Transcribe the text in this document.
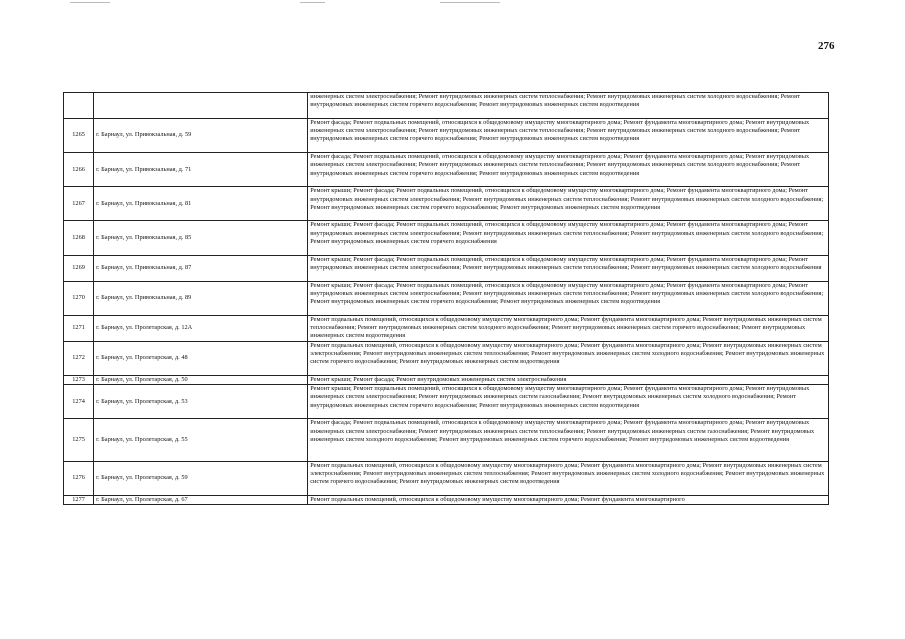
276
		инженерных систем электроснабжения; Ремонт внутридомовых инженерных систем теплоснабжения; Ремонт внутридомовых инженерных систем холодного водоснабжения; Ремонт внутридомовых инженерных систем горячего водоснабжения; Ремонт внутридомовых инженерных систем водоотведения
1265	г. Барнаул, ул. Привокзальная, д. 59	Ремонт фасада; Ремонт подвальных помещений, относящихся к общедомовому имуществу многоквартирного дома; Ремонт фундамента многоквартирного дома; Ремонт внутридомовых инженерных систем электроснабжения; Ремонт внутридомовых инженерных систем теплоснабжения; Ремонт внутридомовых инженерных систем холодного водоснабжения; Ремонт внутридомовых инженерных систем горячего водоснабжения; Ремонт внутридомовых инженерных систем водоотведения
1266	г. Барнаул, ул. Привокзальная, д. 71	Ремонт фасада; Ремонт подвальных помещений, относящихся к общедомовому имуществу многоквартирного дома; Ремонт фундамента многоквартирного дома; Ремонт внутридомовых инженерных систем электроснабжения; Ремонт внутридомовых инженерных систем теплоснабжения; Ремонт внутридомовых инженерных систем холодного водоснабжения; Ремонт внутридомовых инженерных систем горячего водоснабжения; Ремонт внутридомовых инженерных систем водоотведения
1267	г. Барнаул, ул. Привокзальная, д. 81	Ремонт крыши; Ремонт фасада; Ремонт подвальных помещений, относящихся к общедомовому имуществу многоквартирного дома; Ремонт фундамента многоквартирного дома; Ремонт внутридомовых инженерных систем электроснабжения; Ремонт внутридомовых инженерных систем теплоснабжения; Ремонт внутридомовых инженерных систем холодного водоснабжения; Ремонт внутридомовых инженерных систем горячего водоснабжения; Ремонт внутридомовых инженерных систем водоотведения
1268	г. Барнаул, ул. Привокзальная, д. 85	Ремонт крыши; Ремонт фасада; Ремонт подвальных помещений, относящихся к общедомовому имуществу многоквартирного дома; Ремонт фундамента многоквартирного дома; Ремонт внутридомовых инженерных систем электроснабжения; Ремонт внутридомовых инженерных систем теплоснабжения; Ремонт внутридомовых инженерных систем холодного водоснабжения; Ремонт внутридомовых инженерных систем горячего водоснабжения
1269	г. Барнаул, ул. Привокзальная, д. 87	Ремонт крыши; Ремонт фасада; Ремонт подвальных помещений, относящихся к общедомовому имуществу многоквартирного дома; Ремонт фундамента многоквартирного дома; Ремонт внутридомовых инженерных систем электроснабжения; Ремонт внутридомовых инженерных систем теплоснабжения; Ремонт внутридомовых инженерных систем холодного водоснабжения
1270	г. Барнаул, ул. Привокзальная, д. 89	Ремонт крыши; Ремонт фасада; Ремонт подвальных помещений, относящихся к общедомовому имуществу многоквартирного дома; Ремонт фундамента многоквартирного дома; Ремонт внутридомовых инженерных систем электроснабжения; Ремонт внутридомовых инженерных систем теплоснабжения; Ремонт внутридомовых инженерных систем холодного водоснабжения; Ремонт внутридомовых инженерных систем горячего водоснабжения; Ремонт внутридомовых инженерных систем водоотведения
1271	г. Барнаул, ул. Пролетарская, д. 12А	Ремонт подвальных помещений, относящихся к общедомовому имуществу многоквартирного дома; Ремонт фундамента многоквартирного дома; Ремонт внутридомовых инженерных систем теплоснабжения; Ремонт внутридомовых инженерных систем холодного водоснабжения; Ремонт внутридомовых инженерных систем горячего водоснабжения; Ремонт внутридомовых инженерных систем водоотведения
1272	г. Барнаул, ул. Пролетарская, д. 48	Ремонт подвальных помещений, относящихся к общедомовому имуществу многоквартирного дома; Ремонт фундамента многоквартирного дома; Ремонт внутридомовых инженерных систем электроснабжения; Ремонт внутридомовых инженерных систем теплоснабжения; Ремонт внутридомовых инженерных систем холодного водоснабжения; Ремонт внутридомовых инженерных систем горячего водоснабжения; Ремонт внутридомовых инженерных систем водоотведения
1273	г. Барнаул, ул. Пролетарская, д. 50	Ремонт крыши; Ремонт фасада; Ремонт внутридомовых инженерных систем электроснабжения
1274	г. Барнаул, ул. Пролетарская, д. 53	Ремонт крыши; Ремонт подвальных помещений, относящихся к общедомовому имуществу многоквартирного дома; Ремонт фундамента многоквартирного дома; Ремонт внутридомовых инженерных систем электроснабжения; Ремонт внутридомовых инженерных систем газоснабжения; Ремонт внутридомовых инженерных систем холодного водоснабжения; Ремонт внутридомовых инженерных систем горячего водоснабжения; Ремонт внутридомовых инженерных систем водоотведения
1275	г. Барнаул, ул. Пролетарская, д. 55	Ремонт фасада; Ремонт подвальных помещений, относящихся к общедомовому имуществу многоквартирного дома; Ремонт фундамента многоквартирного дома; Ремонт внутридомовых инженерных систем электроснабжения; Ремонт внутридомовых инженерных систем теплоснабжения; Ремонт внутридомовых инженерных систем газоснабжения; Ремонт внутридомовых инженерных систем холодного водоснабжения; Ремонт внутридомовых инженерных систем горячего водоснабжения; Ремонт внутридомовых инженерных систем водоотведения
1276	г. Барнаул, ул. Пролетарская, д. 59	Ремонт подвальных помещений, относящихся к общедомовому имуществу многоквартирного дома; Ремонт фундамента многоквартирного дома; Ремонт внутридомовых инженерных систем электроснабжения; Ремонт внутридомовых инженерных систем теплоснабжения; Ремонт внутридомовых инженерных систем холодного водоснабжения; Ремонт внутридомовых инженерных систем горячего водоснабжения; Ремонт внутридомовых инженерных систем водоотведения
1277	г. Барнаул, ул. Пролетарская, д. 67	Ремонт подвальных помещений, относящихся к общедомовому имуществу многоквартирного дома; Ремонт фундамента многоквартирного
